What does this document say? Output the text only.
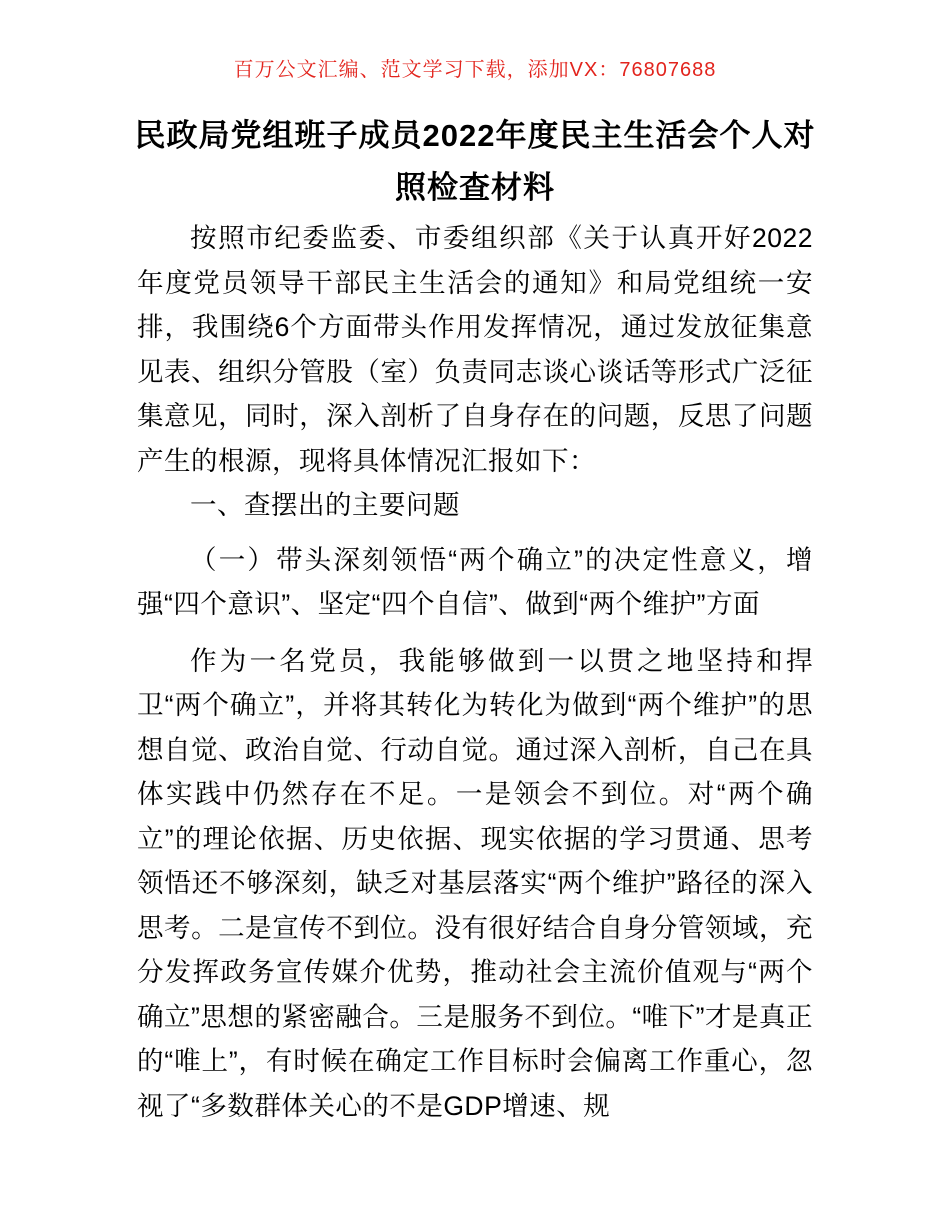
百万公文汇编、范文学习下载，添加VX：76807688
民政局党组班子成员2022年度民主生活会个人对照检查材料

按照市纪委监委、市委组织部《关于认真开好2022年度党员领导干部民主生活会的通知》和局党组统一安排，我围绕6个方面带头作用发挥情况，通过发放征集意见表、组织分管股（室）负责同志谈心谈话等形式广泛征集意见，同时，深入剖析了自身存在的问题，反思了问题产生的根源，现将具体情况汇报如下：

一、查摆出的主要问题

（一）带头深刻领悟“两个确立”的决定性意义，增强“四个意识”、坚定“四个自信”、做到“两个维护”方面

作为一名党员，我能够做到一以贯之地坚持和捍卫“两个确立”，并将其转化为转化为做到“两个维护”的思想自觉、政治自觉、行动自觉。通过深入剖析，自己在具体实践中仍然存在不足。一是领会不到位。对“两个确立”的理论依据、历史依据、现实依据的学习贯通、思考领悟还不够深刻，缺乏对基层落实“两个维护”路径的深入思考。二是宣传不到位。没有很好结合自身分管领域，充分发挥政务宣传媒介优势，推动社会主流价值观与“两个确立”思想的紧密融合。三是服务不到位。“唯下”才是真正的“唯上”，有时候在确定工作目标时会偏离工作重心，忽视了“多数群体关心的不是GDP增速、规
